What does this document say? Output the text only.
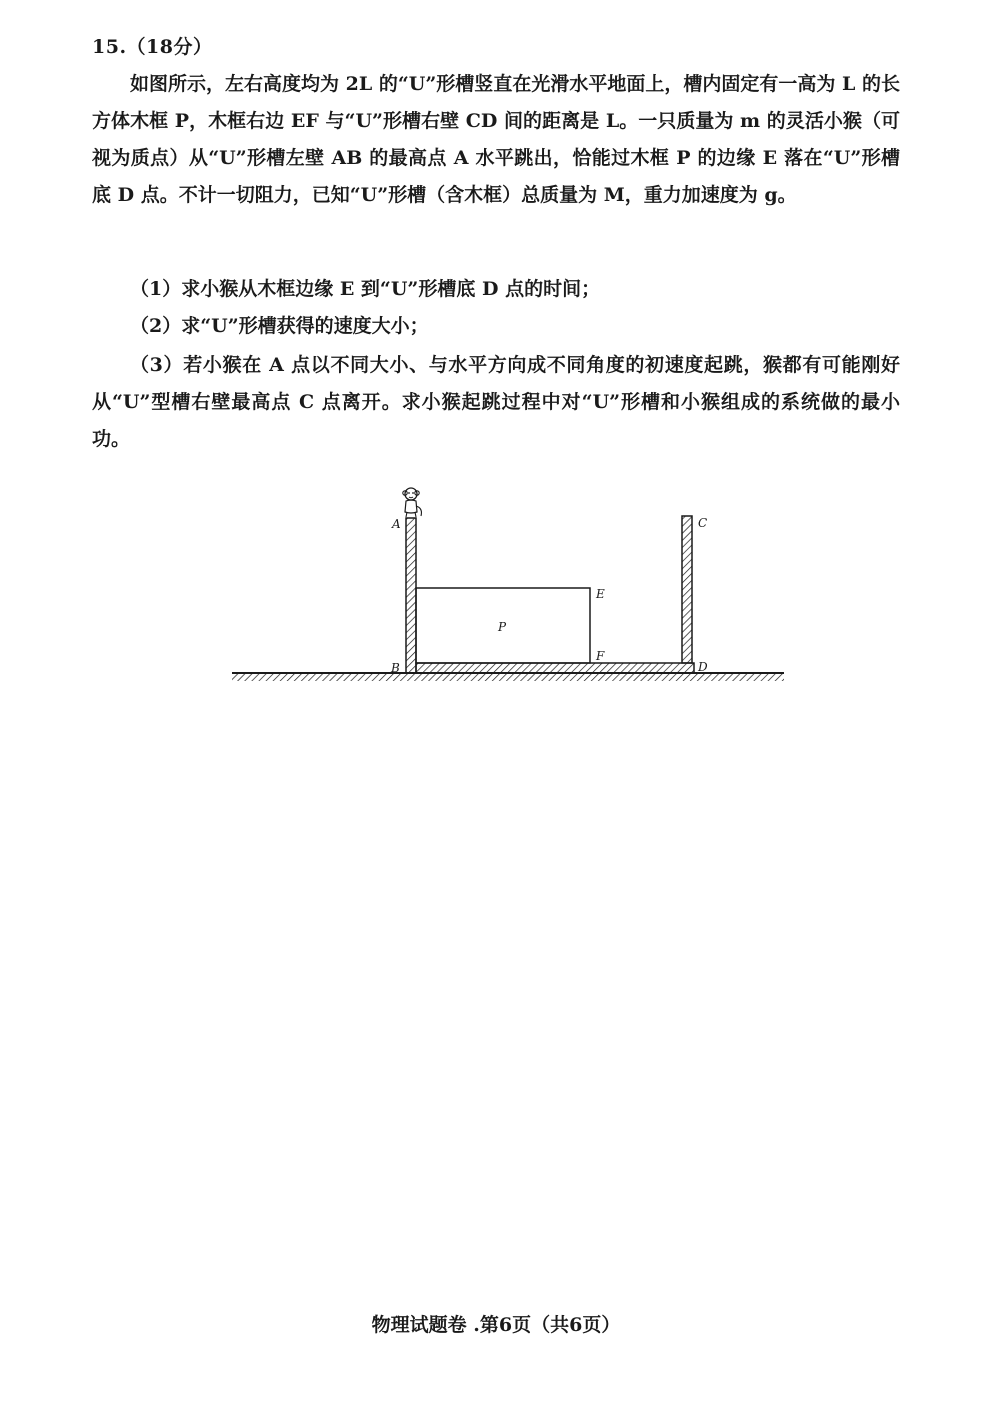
15.（18分）

如图所示，左右高度均为 2L 的“U”形槽竖直在光滑水平地面上，槽内固定有一高为 L 的长方体木框 P，木框右边 EF 与“U”形槽右壁 CD 间的距离是 L。一只质量为 m 的灵活小猴（可视为质点）从“U”形槽左壁 AB 的最高点 A 水平跳出，恰能过木框 P 的边缘 E 落在“U”形槽底 D 点。不计一切阻力，已知“U”形槽（含木框）总质量为 M，重力加速度为 g。

（1）求小猴从木框边缘 E 到“U”形槽底 D 点的时间；

（2）求“U”形槽获得的速度大小；

（3）若小猴在 A 点以不同大小、与水平方向成不同角度的初速度起跳，猴都有可能刚好从“U”型槽右壁最高点 C 点离开。求小猴起跳过程中对“U”形槽和小猴组成的系统做的最小功。

A
B
C
D
E
F
P
物理试题卷 .第6页（共6页）
